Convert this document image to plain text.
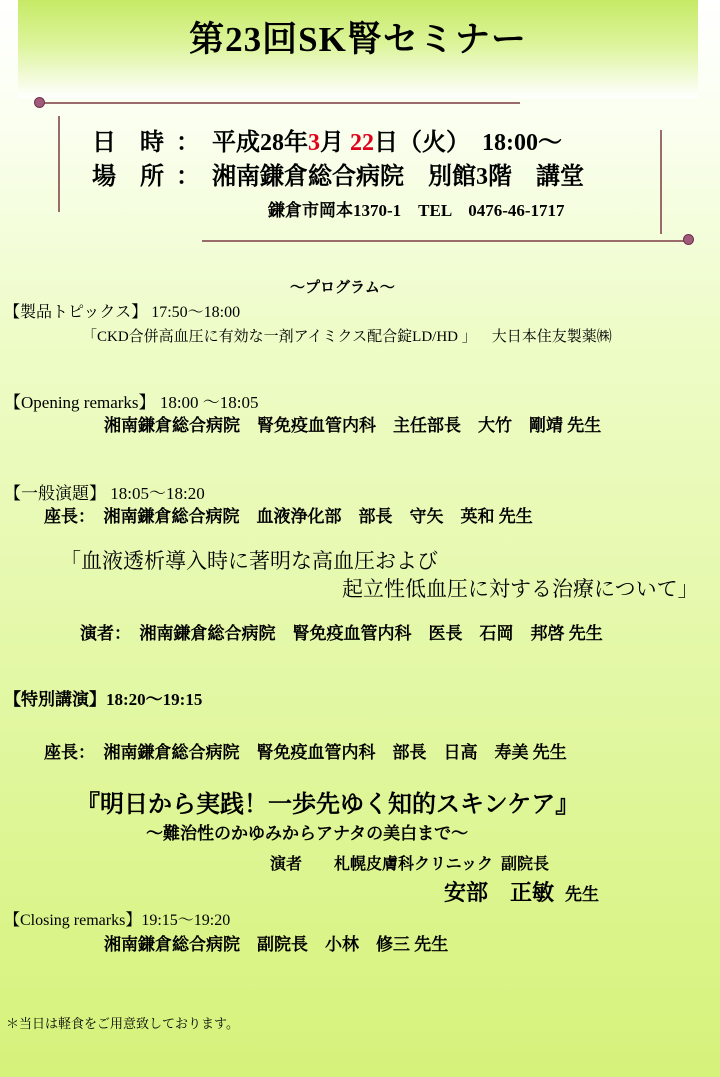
第23回SK腎セミナー
日　時 ： 平成28年3月 22日（火） 18:00～
場　所 ： 湘南鎌倉総合病院　別館3階　講堂
鎌倉市岡本1370-1　TEL　0476-46-1717
～プログラム～
【製品トピックス】 17:50～18:00
「CKD合併高血圧に有効な一剤アイミクス配合錠LD/HD 」 大日本住友製薬㈱
【Opening remarks】 18:00 ～18:05
湘南鎌倉総合病院　腎免疫血管内科　主任部長　大竹　剛靖 先生
【一般演題】 18:05～18:20
座長：  湘南鎌倉総合病院　血液浄化部　部長　守矢　英和 先生
「血液透析導入時に著明な高血圧および
起立性低血圧に対する治療について」
演者：  湘南鎌倉総合病院　腎免疫血管内科　医長　石岡　邦啓 先生
【特別講演】18:20～19:15
座長：  湘南鎌倉総合病院　腎免疫血管内科　部長　日高　寿美 先生
『明日から実践！一歩先ゆく知的スキンケア』
～難治性のかゆみからアナタの美白まで～
演者　　札幌皮膚科クリニック  副院長
安部　正敏 先生
【Closing remarks】19:15～19:20
湘南鎌倉総合病院　副院長　小林　修三 先生
＊当日は軽食をご用意致しております。
